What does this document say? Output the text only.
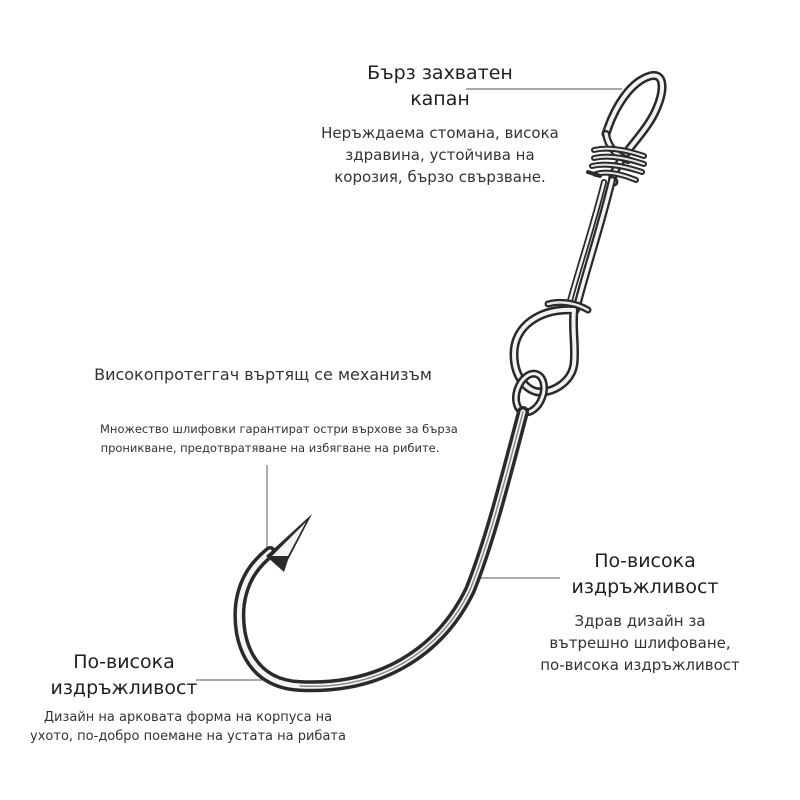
Бърз захватен
капан
Неръждаема стомана, висока
здравина, устойчива на
корозия, бързо свързване.
Високопротеггач въртящ се механизъм
Множество шлифовки гарантират остри върхове за бърза
проникване, предотвратяване на избягване на рибите.
По-висока
издръжливост
Здрав дизайн за
вътрешно шлифоване,
по-висока издръжливост
По-висока
издръжливост
Дизайн на арковата форма на корпуса на
ухото, по-добро поемане на устата на рибата
